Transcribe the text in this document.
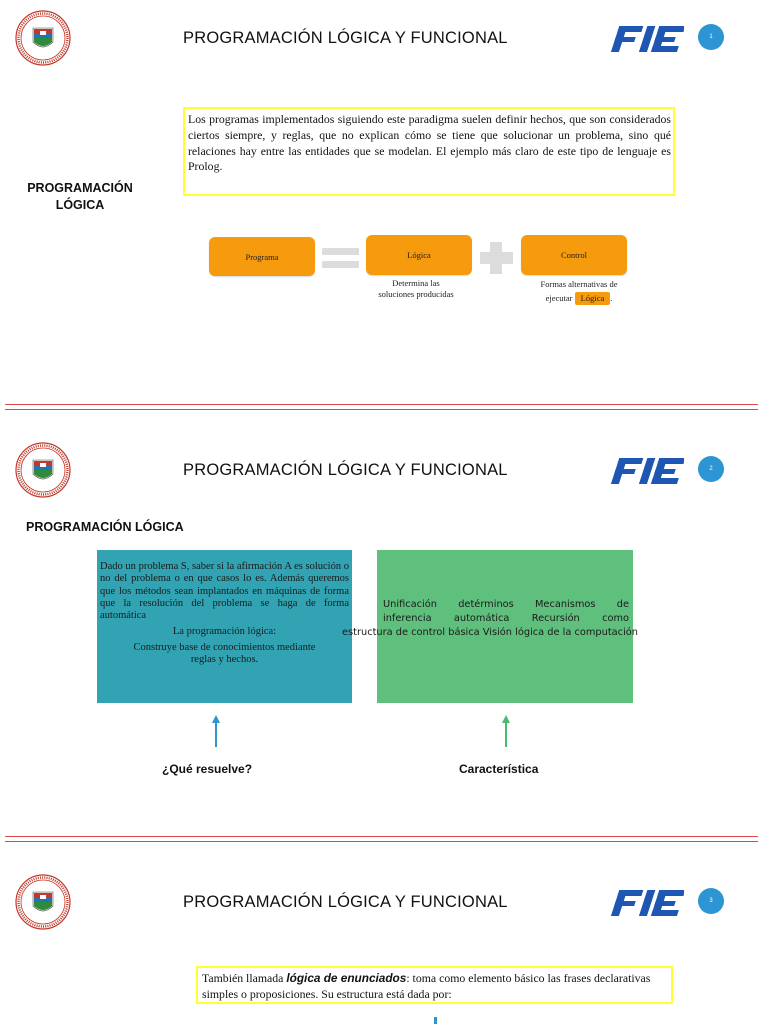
PROGRAMACIÓN LÓGICA Y FUNCIONAL	1
PROGRAMACIÓN
LÓGICA
Los programas implementados siguiendo este paradigma suelen definir hechos, que son considerados ciertos siempre, y reglas, que no explican cómo se tiene que solucionar un problema, sino qué relaciones hay entre las entidades que se modelan. El ejemplo más claro de este tipo de lenguaje es Prolog.
Programa	Lógica	Control
Determina las
soluciones producidas
Formas alternativas de
ejecutar Lógica .
PROGRAMACIÓN LÓGICA Y FUNCIONAL	2
PROGRAMACIÓN LÓGICA
Dado un problema S, saber si la afirmación A es solución o no del problema o en que casos lo es. Además queremos que los métodos sean implantados en máquinas de forma que la resolución del problema se haga de forma automática
La programación lógica:
Construye base de conocimientos mediante reglas y hechos.
Unificación detérminos Mecanismos de
inferencia automática Recursión como
estructura de control básica Visión lógica de la computación
¿Qué resuelve?	Característica
PROGRAMACIÓN LÓGICA Y FUNCIONAL	3
También llamada lógica de enunciados: toma como elemento básico las frases declarativas simples o proposiciones. Su estructura está dada por:
